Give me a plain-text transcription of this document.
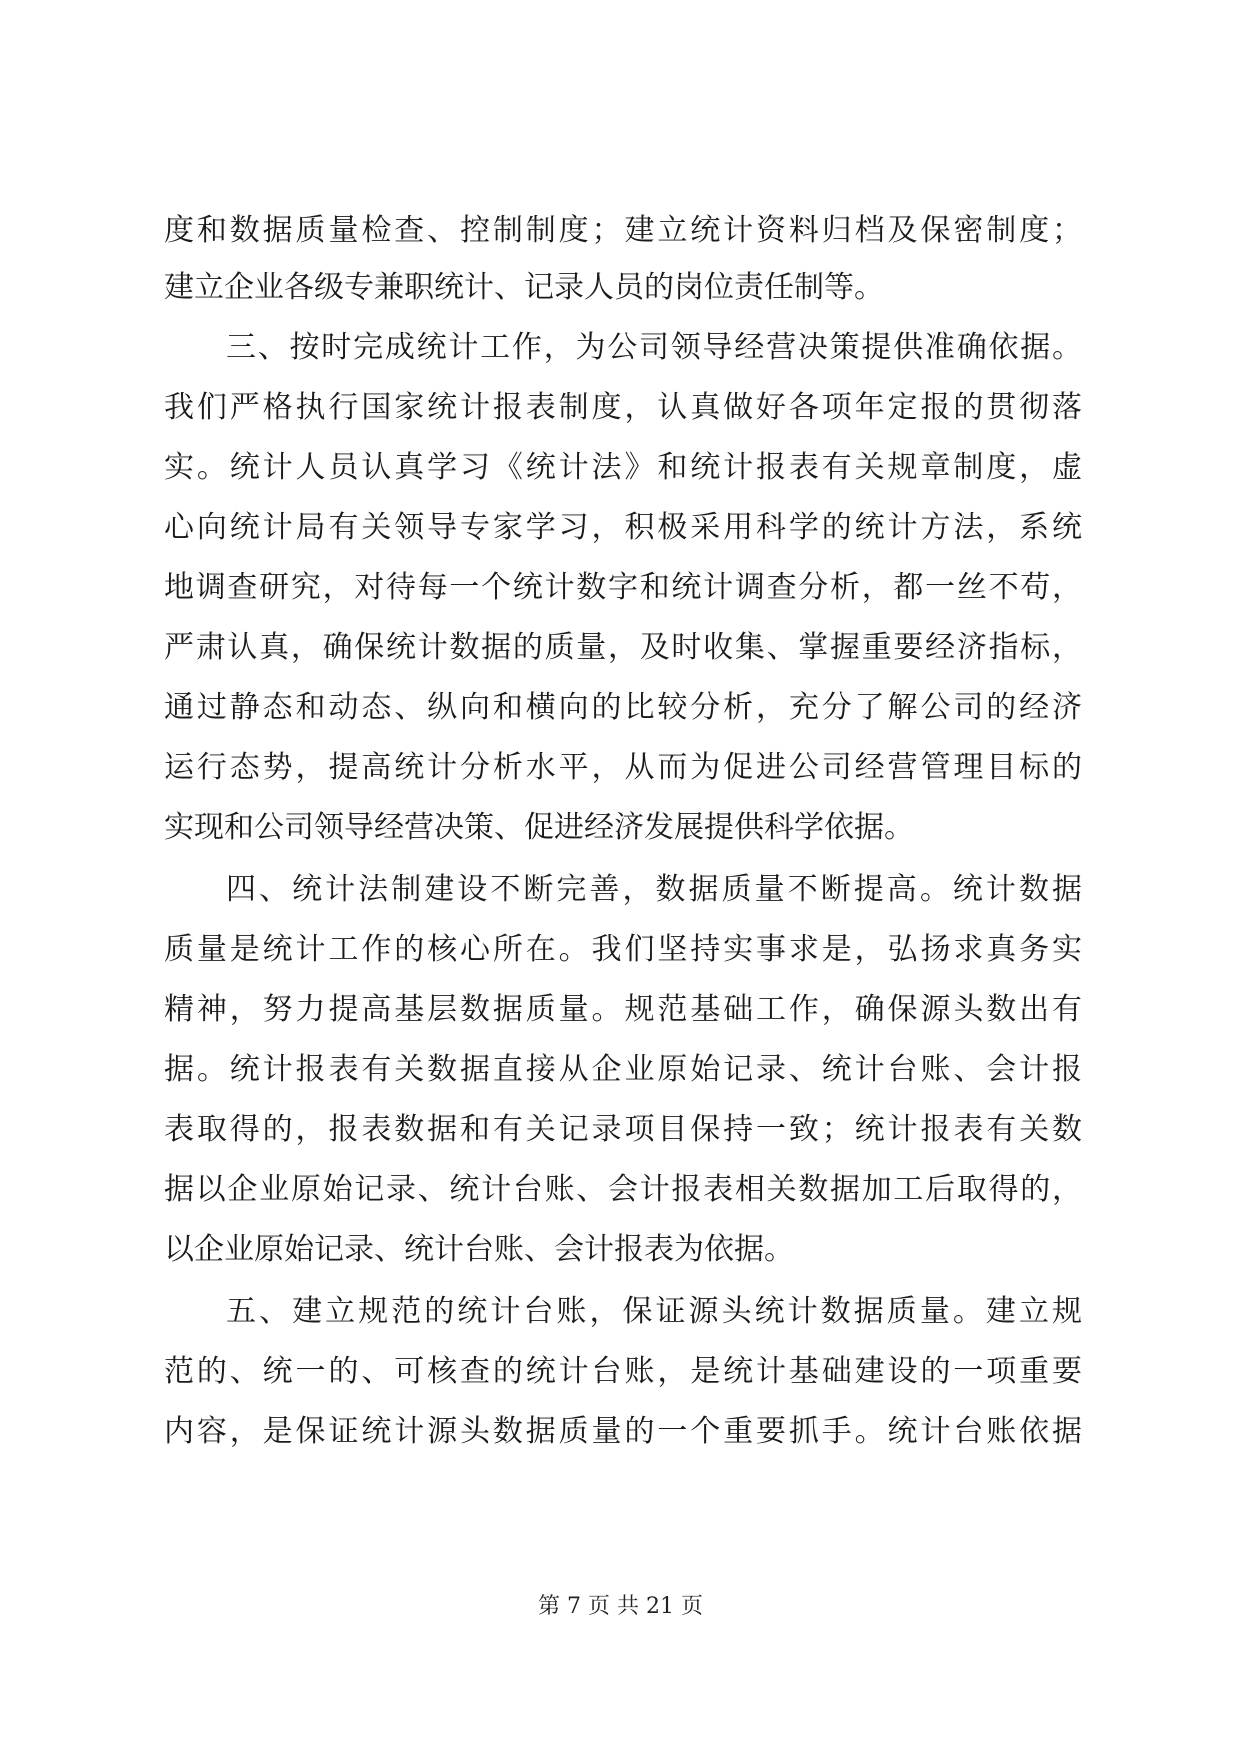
度和数据质量检查、控制制度；建立统计资料归档及保密制度；
建立企业各级专兼职统计、记录人员的岗位责任制等。
三、按时完成统计工作，为公司领导经营决策提供准确依据。
我们严格执行国家统计报表制度，认真做好各项年定报的贯彻落
实。统计人员认真学习《统计法》和统计报表有关规章制度，虚
心向统计局有关领导专家学习，积极采用科学的统计方法，系统
地调查研究，对待每一个统计数字和统计调查分析，都一丝不苟，
严肃认真，确保统计数据的质量，及时收集、掌握重要经济指标，
通过静态和动态、纵向和横向的比较分析，充分了解公司的经济
运行态势，提高统计分析水平，从而为促进公司经营管理目标的
实现和公司领导经营决策、促进经济发展提供科学依据。
四、统计法制建设不断完善，数据质量不断提高。统计数据
质量是统计工作的核心所在。我们坚持实事求是，弘扬求真务实
精神，努力提高基层数据质量。规范基础工作，确保源头数出有
据。统计报表有关数据直接从企业原始记录、统计台账、会计报
表取得的，报表数据和有关记录项目保持一致；统计报表有关数
据以企业原始记录、统计台账、会计报表相关数据加工后取得的，
以企业原始记录、统计台账、会计报表为依据。
五、建立规范的统计台账，保证源头统计数据质量。建立规
范的、统一的、可核查的统计台账，是统计基础建设的一项重要
内容，是保证统计源头数据质量的一个重要抓手。统计台账依据
第 7 页 共 21 页
